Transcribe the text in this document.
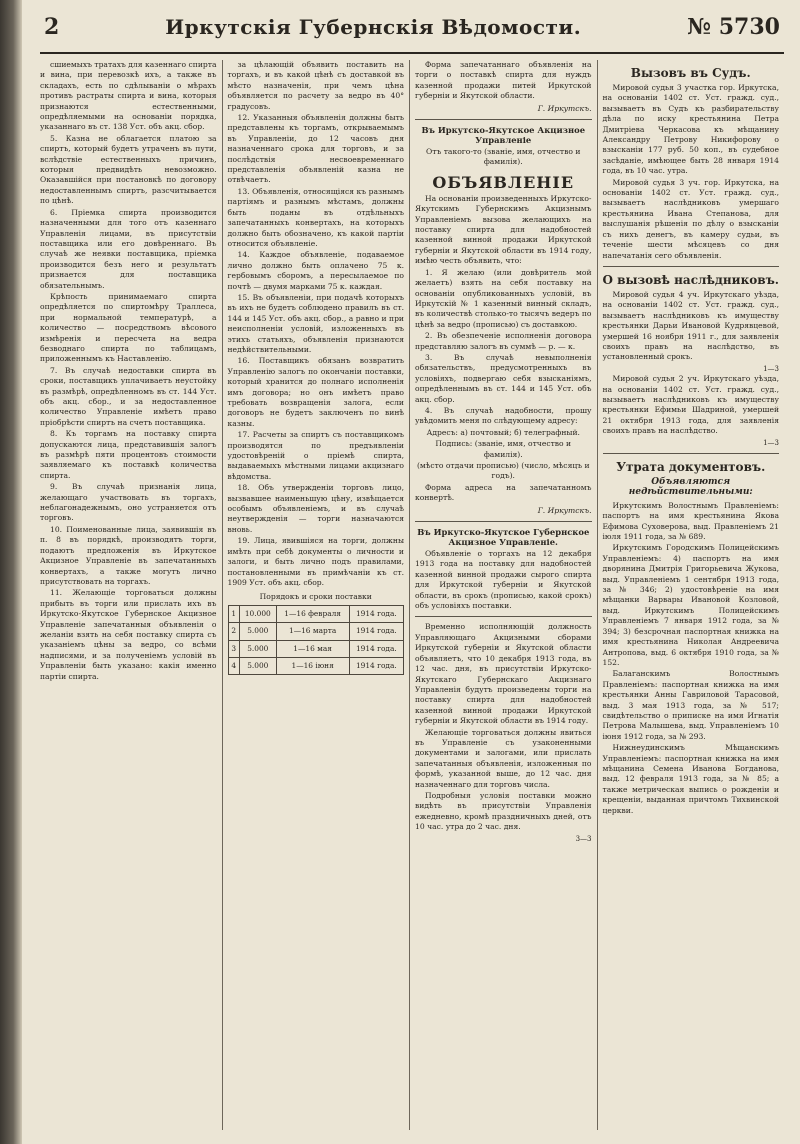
2	Иркутскія Губернскія Вѣдомости.	№ 5730

сшиемыхъ тратахъ для казеннаго спирта и вина, при перевозкѣ ихъ, а также въ складахъ, есть по сдѣлываніи о мѣрахъ противъ растраты спирта и вина, которыя признаются естественными, опредѣляемыми на основаніи порядка, указаннаго въ ст. 138 Уст. объ акц. сбор.

5. Казна не облагается платою за спиртъ, который будетъ утраченъ въ пути, вслѣдствіе естественныхъ причинъ, которыя предвидѣть невозможно. Оказавшійся при постановкѣ по договору недоставленнымъ спиртъ, разсчитывается по цѣнѣ.

6. Пріемка спирта производится назначенными для того отъ казеннаго Управленія лицами, въ присутствіи поставщика или его довѣреннаго. Въ случаѣ же неявки поставщика, пріемка производится безъ него и результатъ признается для поставщика обязательнымъ.

Крѣпость принимаемаго спирта опредѣляется по спиртомѣру Траллеса, при нормальной температурѣ, а количество — посредствомъ вѣсового измѣренія и пересчета на ведра безводнаго спирта по таблицамъ, приложеннымъ къ Наставленію.

7. Въ случаѣ недоставки спирта въ сроки, поставщикъ уплачиваетъ неустойку въ размѣрѣ, опредѣленномъ въ ст. 144 Уст. объ акц. сбор., и за недоставленное количество Управленіе имѣетъ право пріобрѣсти спиртъ на счетъ поставщика.

8. Къ торгамъ на поставку спирта допускаются лица, представившія залогъ въ размѣрѣ пяти процентовъ стоимости заявляемаго къ поставкѣ количества спирта.

9. Въ случаѣ признанія лица, желающаго участвовать въ торгахъ, неблагонадежнымъ, оно устраняется отъ торговъ.

10. Поименованные лица, заявившія въ п. 8 въ порядкѣ, производятъ торги, подаютъ предложенія въ Иркутское Акцизное Управленіе въ запечатанныхъ конвертахъ, а также могутъ лично присутствовать на торгахъ.

11. Желающіе торговаться должны прибыть въ торги или прислать ихъ въ Иркутско-Якутское Губернское Акцизное Управленіе запечатанныя объявленія о желаніи взять на себя поставку спирта съ указаніемъ цѣны за ведро, со всѣми надписями, и за полученіемъ условій въ Управленіи быть указано: какія именно партіи спирта.

за цѣлающій объявить поставить на торгахъ, и въ какой цѣнѣ съ доставкой въ мѣсто назначенія, при чемъ цѣна объявляется по расчету за ведро въ 40° градусовъ.

12. Указанныя объявленія должны быть представлены къ торгамъ, открываемымъ въ Управленіи, до 12 часовъ дня назначеннаго срока для торговъ, и за послѣдствія несвоевременнаго представленія объявленій казна не отвѣчаетъ.

13. Объявленія, относящіяся къ разнымъ партіямъ и разнымъ мѣстамъ, должны быть поданы въ отдѣльныхъ запечатанныхъ конвертахъ, на которыхъ должно быть обозначено, къ какой партіи относится объявленіе.

14. Каждое объявленіе, подаваемое лично должно быть оплачено 75 к. гербовымъ сборомъ, а пересылаемое по почтѣ — двумя марками 75 к. каждая.

15. Въ объявленіи, при подачѣ которыхъ въ ихъ не будетъ соблюдено правилъ въ ст. 144 и 145 Уст. объ акц. сбор., а равно и при неисполненіи условій, изложенныхъ въ этихъ статьяхъ, объявленія признаются недѣйствительными.

16. Поставщикъ обязанъ возвратить Управленію залогъ по окончаніи поставки, который хранится до полнаго исполненія имъ договора; но онъ имѣетъ право требовать возвращенія залога, если договоръ не будетъ заключенъ по винѣ казны.

17. Расчеты за спиртъ съ поставщикомъ производятся по предъявленіи удостовѣреній о пріемѣ спирта, выдаваемыхъ мѣстными лицами акцизнаго вѣдомства.

18. Объ утвержденіи торговъ лицо, вызвавшее наименьшую цѣну, извѣщается особымъ объявленіемъ, и въ случаѣ неутвержденія — торги назначаются вновь.

19. Лица, явившіяся на торги, должны имѣть при себѣ документы о личности и залоги, и быть лично подъ правилами, постановленными въ примѣчаніи къ ст. 1909 Уст. объ акц. сбор.

Порядокъ и сроки поставки
1	10.000	1—16 февраля	1914 года.
2	5.000	1—16 марта	1914 года.
3	5.000	1—16 мая	1914 года.
4	5.000	1—16 іюня	1914 года.

Форма запечатаннаго объявленія на торги о поставкѣ спирта для нуждъ казенной продажи питей Иркутской губерніи и Якутской области.

Г. Иркутскъ.
Въ Иркутско-Якутское Акцизное Управленіе

Отъ такого-то (званіе, имя, отчество и фамилія).

ОБЪЯВЛЕНІЕ

На основаніи произведенныхъ Иркутско-Якутскимъ Губернскимъ Акцизнымъ Управленіемъ вызова желающихъ на поставку спирта для надобностей казенной винной продажи Иркутской губерніи и Якутской области въ 1914 году, имѣю честь объявить, что:

1. Я желаю (или довѣритель мой желаетъ) взять на себя поставку на основаніи опубликованныхъ условій, въ Иркутскій № 1 казенный винный складъ, въ количествѣ столько-то тысячъ ведеръ по цѣнѣ за ведро (прописью) съ доставкою.

2. Въ обезпеченіе исполненія договора представляю залогъ въ суммѣ — р. — к.

3. Въ случаѣ невыполненія обязательствъ, предусмотренныхъ въ условіяхъ, подвергаю себя взысканіямъ, опредѣленнымъ въ ст. 144 и 145 Уст. объ акц. сбор.

4. Въ случаѣ надобности, прошу увѣдомить меня по слѣдующему адресу:

Адресъ: а) почтовый; б) телеграфный.

Подпись: (званіе, имя, отчество и фамилія).

(мѣсто отдачи прописью) (число, мѣсяцъ и годъ).

Форма адреса на запечатанномъ конвертѣ.

Г. Иркутскъ.
Въ Иркутско-Якутское Губернское Акцизное Управленіе.

Объявленіе о торгахъ на 12 декабря 1913 года на поставку для надобностей казенной винной продажи сырого спирта для Иркутской губерніи и Якутской области, въ срокъ (прописью, какой срокъ) объ условіяхъ поставки.

Временно исполняющій должность Управляющаго Акцизными сборами Иркутской губерніи и Якутской области объявляетъ, что 10 декабря 1913 года, въ 12 час. дня, въ присутствіи Иркутско-Якутскаго Губернскаго Акцизнаго Управленія будутъ произведены торги на поставку спирта для надобностей казенной винной продажи Иркутской губерніи и Якутской области въ 1914 году.

Желающіе торговаться должны явиться въ Управленіе съ узаконенными документами и залогами, или прислать запечатанныя объявленія, изложенныя по формѣ, указанной выше, до 12 час. дня назначеннаго для торговъ числа.

Подробныя условія поставки можно видѣть въ присутствіи Управленія ежедневно, кромѣ праздничныхъ дней, отъ 10 час. утра до 2 час. дня.

3—3
Вызовъ въ Судъ.

Мировой судья 3 участка гор. Иркутска, на основаніи 1402 ст. Уст. гражд. суд., вызываетъ въ Судъ къ разбирательству дѣла по иску крестьянина Петра Дмитріева Черкасова къ мѣщанину Александру Петрову Никифорову о взысканіи 177 руб. 50 коп., въ судебное засѣданіе, имѣющее быть 28 января 1914 года, въ 10 час. утра.

Мировой судья 3 уч. гор. Иркутска, на основаніи 1402 ст. Уст. гражд. суд., вызываетъ наслѣдниковъ умершаго крестьянина Ивана Степанова, для выслушанія рѣшенія по дѣлу о взысканіи съ нихъ денегъ, въ камеру судьи, въ теченіе шести мѣсяцевъ со дня напечатанія сего объявленія.

О вызовѣ наслѣдниковъ.

Мировой судья 4 уч. Иркутскаго уѣзда, на основаніи 1402 ст. Уст. гражд. суд., вызываетъ наслѣдниковъ къ имуществу крестьянки Дарьи Ивановой Кудрявцевой, умершей 16 ноября 1911 г., для заявленія своихъ правъ на наслѣдство, въ установленный срокъ.

1—3

Мировой судья 2 уч. Иркутскаго уѣзда, на основаніи 1402 ст. Уст. гражд. суд., вызываетъ наслѣдниковъ къ имуществу крестьянки Ефимьи Шадриной, умершей 21 октября 1913 года, для заявленія своихъ правъ на наслѣдство.

1—3
Утрата документовъ.
Объявляются недѣйствительными:

Иркутскимъ Волостнымъ Правленіемъ: паспортъ на имя крестьянина Якова Ефимова Суховерова, выд. Правленіемъ 21 іюля 1911 года, за № 689.

Иркутскимъ Городскимъ Полицейскимъ Управленіемъ: 4) паспортъ на имя дворянина Дмитрія Григорьевича Жукова, выд. Управленіемъ 1 сентября 1913 года, за № 346; 2) удостовѣреніе на имя мѣщанки Варвары Ивановой Козловой, выд. Иркутскимъ Полицейскимъ Управленіемъ 7 января 1912 года, за № 394; 3) безсрочная паспортная книжка на имя крестьянина Николая Андреевича Антропова, выд. 6 октября 1910 года, за № 152.

Балаганскимъ Волостнымъ Правленіемъ: паспортная книжка на имя крестьянки Анны Гавриловой Тарасовой, выд. 3 мая 1913 года, за № 517; свидѣтельство о приписке на имя Игнатія Петрова Малышева, выд. Управленіемъ 10 іюня 1912 года, за № 293.

Нижнеудинскимъ Мѣщанскимъ Управленіемъ: паспортная книжка на имя мѣщанина Семена Иванова Богданова, выд. 12 февраля 1913 года, за № 85; а также метрическая выпись о рожденіи и крещеніи, выданная причтомъ Тихвинской церкви.
